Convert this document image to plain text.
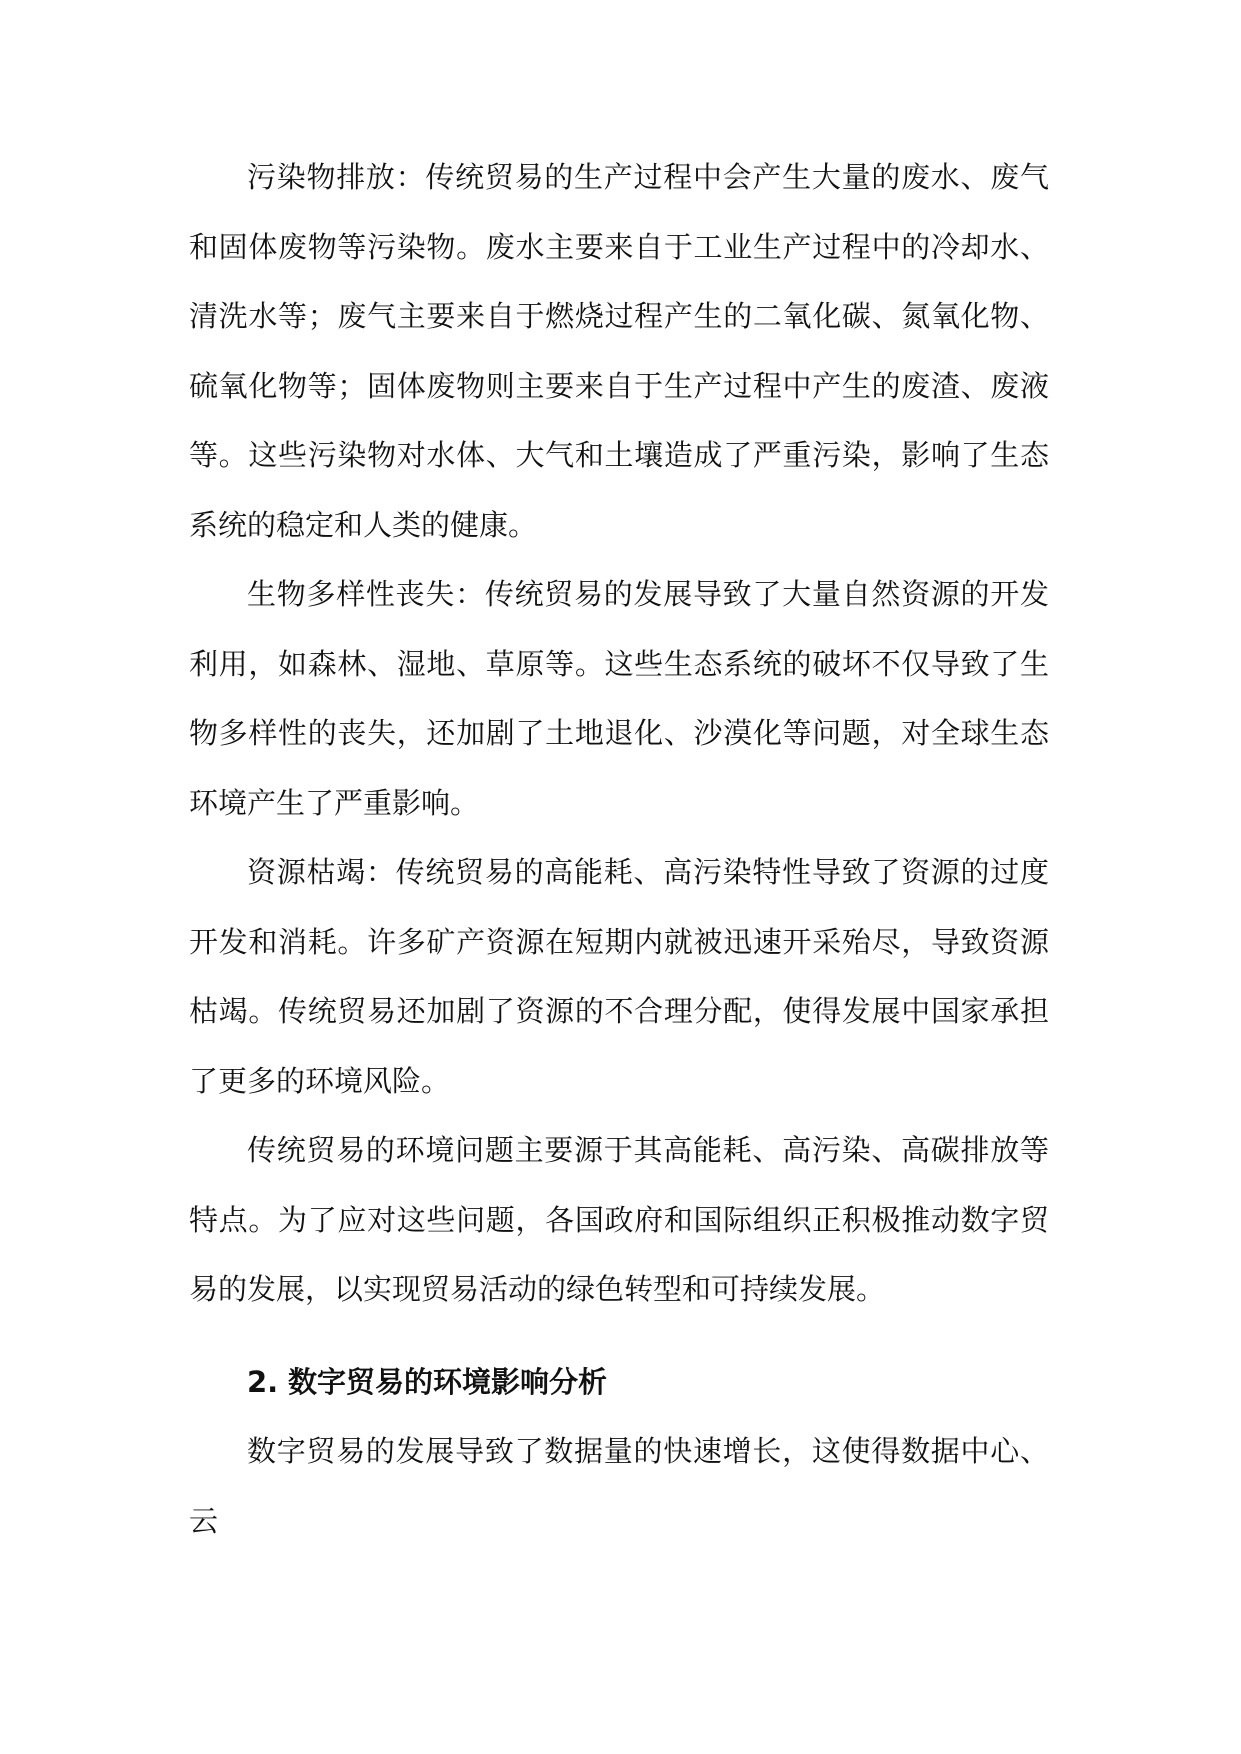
污染物排放：传统贸易的生产过程中会产生大量的废水、废气和固体废物等污染物。废水主要来自于工业生产过程中的冷却水、清洗水等；废气主要来自于燃烧过程产生的二氧化碳、氮氧化物、硫氧化物等；固体废物则主要来自于生产过程中产生的废渣、废液等。这些污染物对水体、大气和土壤造成了严重污染，影响了生态系统的稳定和人类的健康。

生物多样性丧失：传统贸易的发展导致了大量自然资源的开发利用，如森林、湿地、草原等。这些生态系统的破坏不仅导致了生物多样性的丧失，还加剧了土地退化、沙漠化等问题，对全球生态环境产生了严重影响。

资源枯竭：传统贸易的高能耗、高污染特性导致了资源的过度开发和消耗。许多矿产资源在短期内就被迅速开采殆尽，导致资源枯竭。传统贸易还加剧了资源的不合理分配，使得发展中国家承担了更多的环境风险。

传统贸易的环境问题主要源于其高能耗、高污染、高碳排放等特点。为了应对这些问题，各国政府和国际组织正积极推动数字贸易的发展，以实现贸易活动的绿色转型和可持续发展。

2. 数字贸易的环境影响分析

数字贸易的发展导致了数据量的快速增长，这使得数据中心、云
